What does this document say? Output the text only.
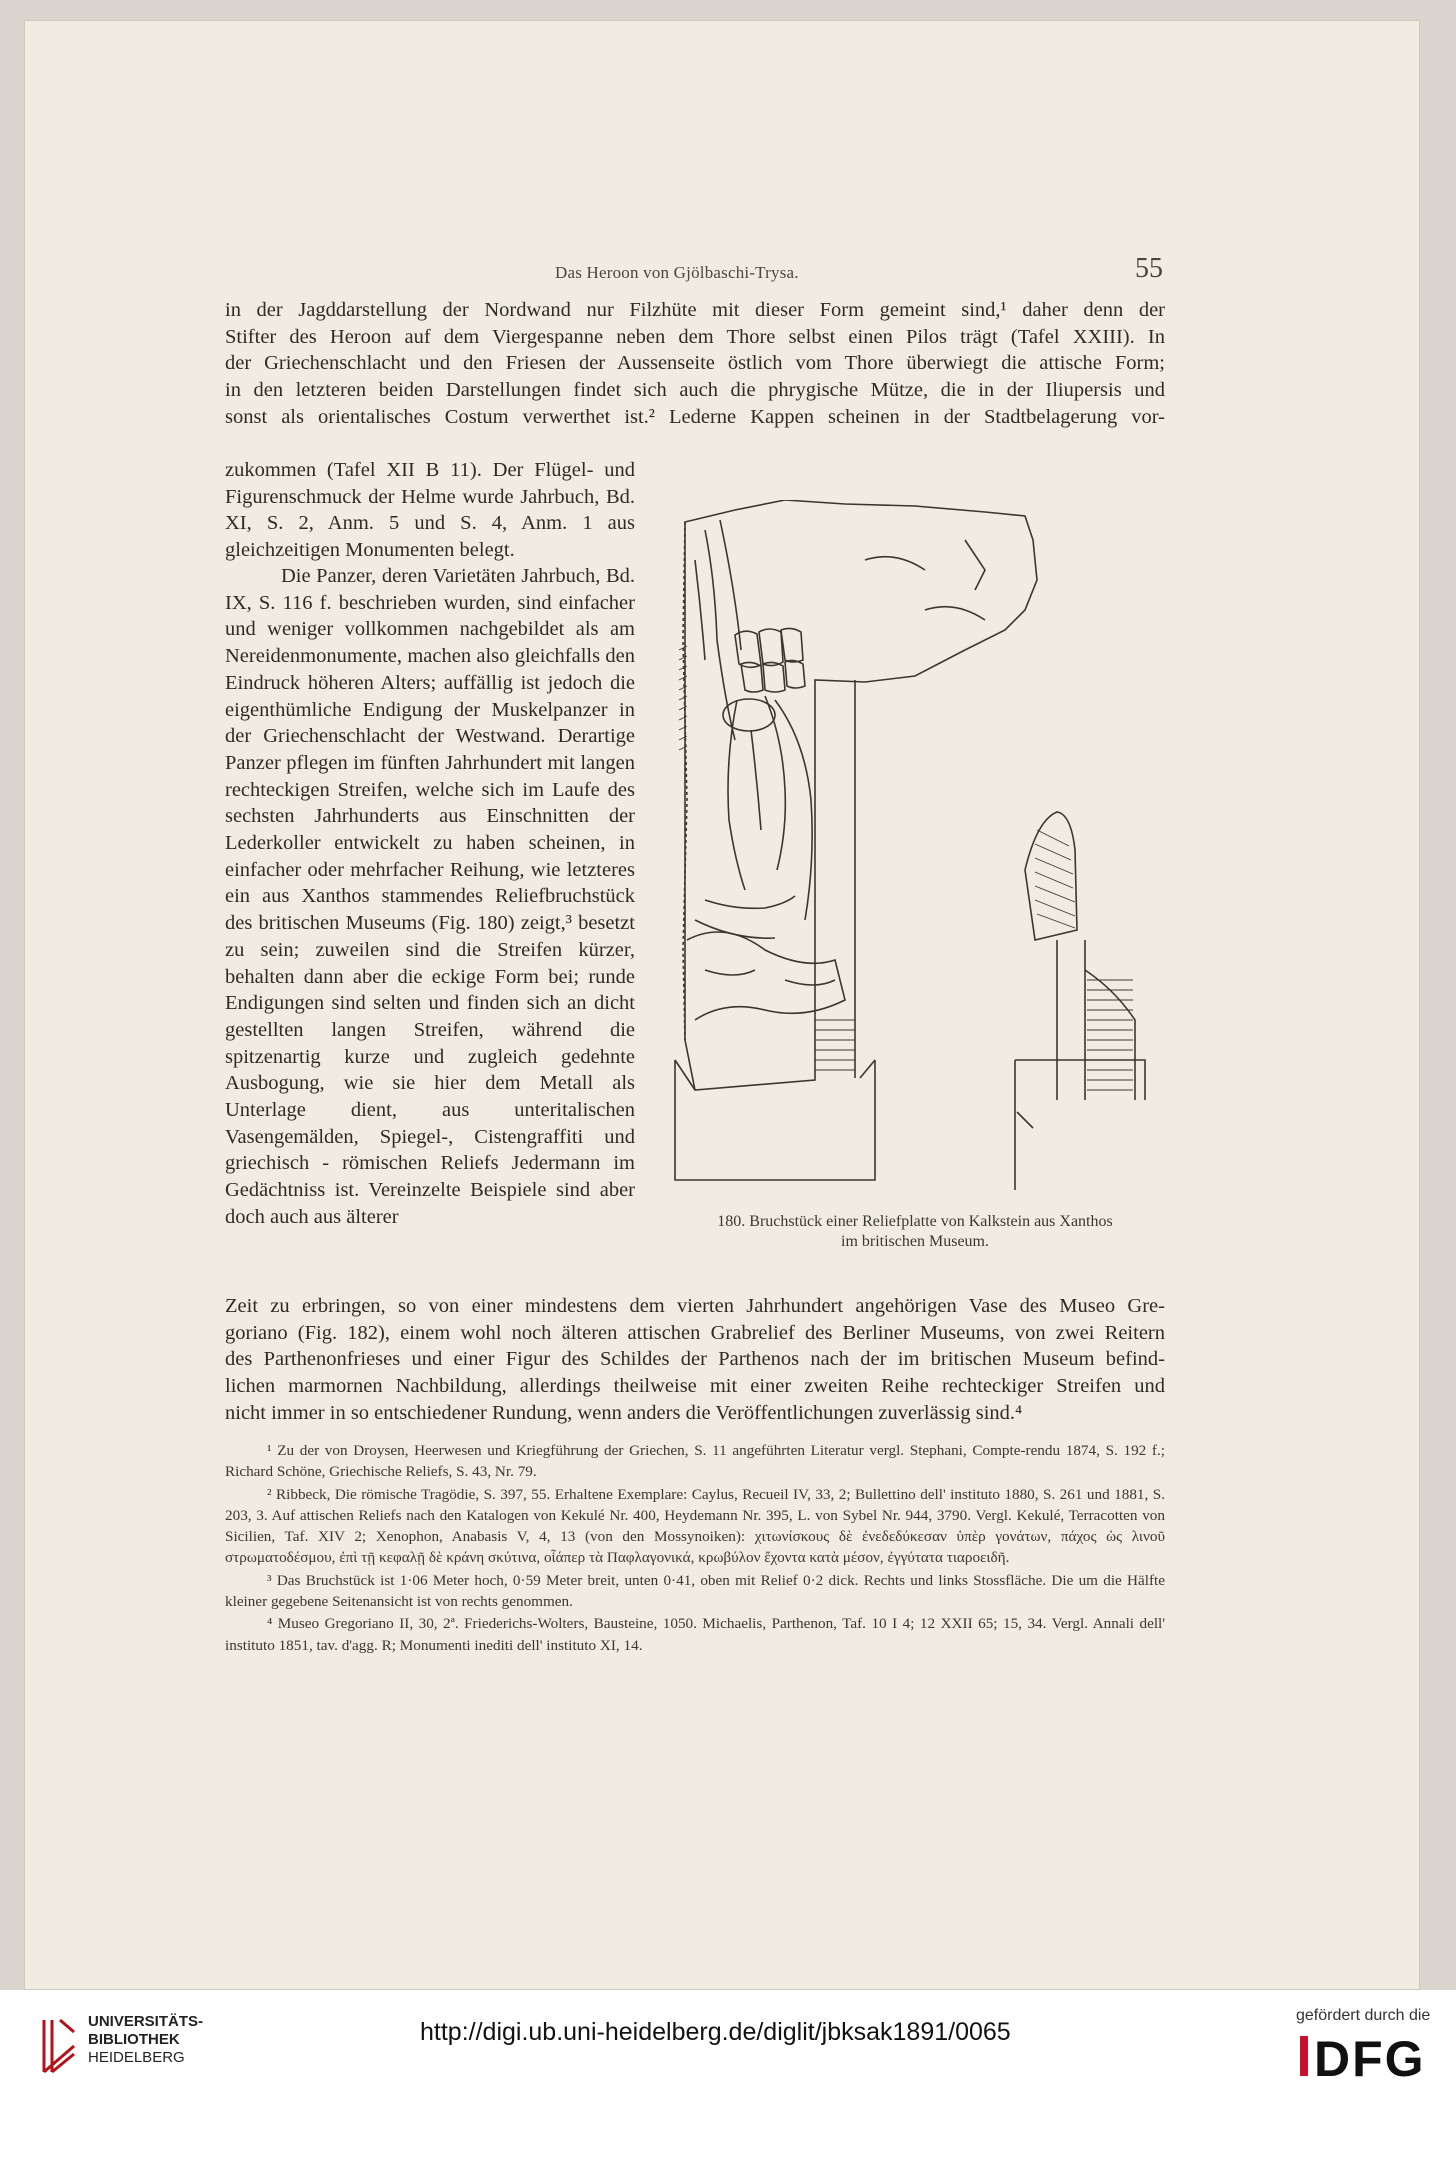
Das Heroon von Gjölbaschi-Trysa.	55
in der Jagddarstellung der Nordwand nur Filzhüte mit dieser Form gemeint sind,¹ daher denn der
Stifter des Heroon auf dem Viergespanne neben dem Thore selbst einen Pilos trägt (Tafel XXIII). In
der Griechenschlacht und den Friesen der Aussenseite östlich vom Thore überwiegt die attische Form;
in den letzteren beiden Darstellungen findet sich auch die phrygische Mütze, die in der Iliupersis und
sonst als orientalisches Costum verwerthet ist.² Lederne Kappen scheinen in der Stadtbelagerung vor-

zukommen (Tafel XII B 11). Der Flügel- und Figurenschmuck der Helme wurde Jahrbuch, Bd. XI, S. 2, Anm. 5 und S. 4, Anm. 1 aus gleichzeitigen Monumenten belegt.

Die Panzer, deren Varietäten Jahrbuch, Bd. IX, S. 116 f. beschrieben wurden, sind einfacher und weniger vollkommen nachgebildet als am Nereidenmonumente, machen also gleichfalls den Eindruck höheren Alters; auffällig ist jedoch die eigenthümliche Endigung der Muskelpanzer in der Griechenschlacht der Westwand. Derartige Panzer pflegen im fünften Jahrhundert mit langen rechteckigen Streifen, welche sich im Laufe des sechsten Jahrhunderts aus Einschnitten der Lederkoller entwickelt zu haben scheinen, in einfacher oder mehrfacher Reihung, wie letzteres ein aus Xanthos stammendes Reliefbruchstück des britischen Museums (Fig. 180) zeigt,³ besetzt zu sein; zuweilen sind die Streifen kürzer, behalten dann aber die eckige Form bei; runde Endigungen sind selten und finden sich an dicht gestellten langen Streifen, während die spitzenartig kurze und zugleich gedehnte Ausbogung, wie sie hier dem Metall als Unterlage dient, aus unteritalischen Vasengemälden, Spiegel-, Cistengraffiti und griechisch - römischen Reliefs Jedermann im Gedächtniss ist. Vereinzelte Beispiele sind aber doch auch aus älterer

Zeit zu erbringen, so von einer mindestens dem vierten Jahrhundert angehörigen Vase des Museo Gre-
goriano (Fig. 182), einem wohl noch älteren attischen Grabrelief des Berliner Museums, von zwei Reitern
des Parthenonfrieses und einer Figur des Schildes der Parthenos nach der im britischen Museum befind-
lichen marmornen Nachbildung, allerdings theilweise mit einer zweiten Reihe rechteckiger Streifen und
nicht immer in so entschiedener Rundung, wenn anders die Veröffentlichungen zuverlässig sind.⁴
180. Bruchstück einer Reliefplatte von Kalkstein aus Xanthos
im britischen Museum.

¹ Zu der von Droysen, Heerwesen und Kriegführung der Griechen, S. 11 angeführten Literatur vergl. Stephani, Compte-rendu 1874, S. 192 f.; Richard Schöne, Griechische Reliefs, S. 43, Nr. 79.

² Ribbeck, Die römische Tragödie, S. 397, 55. Erhaltene Exemplare: Caylus, Recueil IV, 33, 2; Bullettino dell' instituto 1880, S. 261 und 1881, S. 203, 3. Auf attischen Reliefs nach den Katalogen von Kekulé Nr. 400, Heydemann Nr. 395, L. von Sybel Nr. 944, 3790. Vergl. Kekulé, Terracotten von Sicilien, Taf. XIV 2; Xenophon, Anabasis V, 4, 13 (von den Mossynoiken): χιτωνίσκους δὲ ἐνεδεδύκεσαν ὑπὲρ γονάτων, πάχος ὡς λινοῦ στρωματοδέσμου, ἐπὶ τῇ κεφαλῇ δὲ κράνη σκύτινα, οἷάπερ τὰ Παφλαγονικά, κρωβύλον ἔχοντα κατὰ μέσον, ἐγγύτατα τιαροειδῆ.

³ Das Bruchstück ist 1·06 Meter hoch, 0·59 Meter breit, unten 0·41, oben mit Relief 0·2 dick. Rechts und links Stossfläche. Die um die Hälfte kleiner gegebene Seitenansicht ist von rechts genommen.

⁴ Museo Gregoriano II, 30, 2ª. Friederichs-Wolters, Bausteine, 1050. Michaelis, Parthenon, Taf. 10 I 4; 12 XXII 65; 15, 34. Vergl. Annali dell' instituto 1851, tav. d'agg. R; Monumenti inediti dell' instituto XI, 14.

UNIVERSITÄTS-
BIBLIOTHEK
HEIDELBERG
http://digi.ub.uni-heidelberg.de/diglit/jbksak1891/0065
gefördert durch die
DFG
